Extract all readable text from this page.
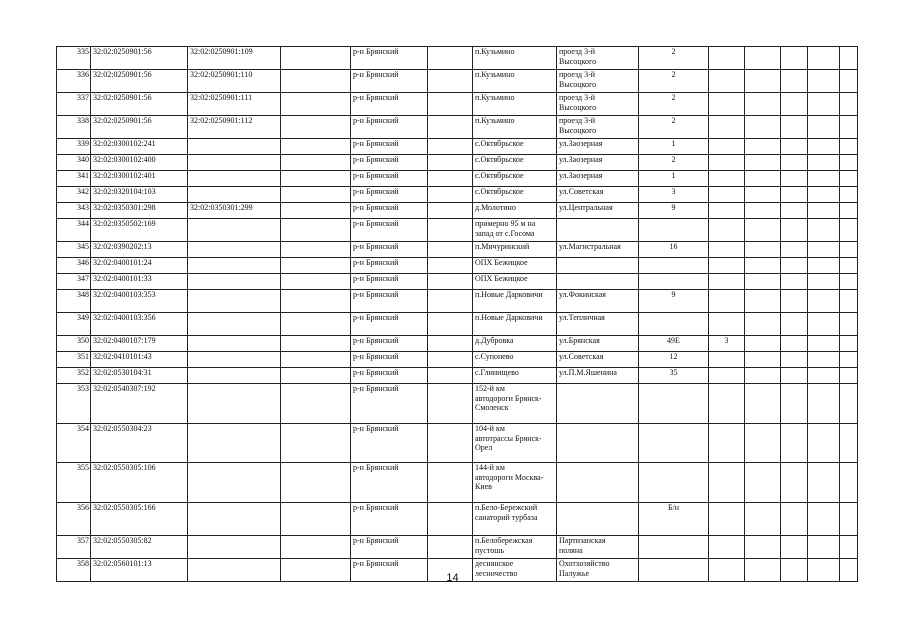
335	32:02:0250901:56	32:02:0250901:109		р-н Брянский		п.Кузьмино	проезд 3-й
Высоцкого	2					
336	32:02:0250901:56	32:02:0250901:110		р-н Брянский		п.Кузьмино	проезд 3-й
Высоцкого	2					
337	32:02:0250901:56	32:02:0250901:111		р-н Брянский		п.Кузьмино	проезд 3-й
Высоцкого	2					
338	32:02:0250901:56	32:02:0250901:112		р-н Брянский		п.Кузьмино	проезд 3-й
Высоцкого	2					
339	32:02:0300102:241			р-н Брянский		с.Октябрьское	ул.Заозерная	1					
340	32:02:0300102:400			р-н Брянский		с.Октябрьское	ул.Заозерная	2					
341	32:02:0300102:401			р-н Брянский		с.Октябрьское	ул.Заозерная	1					
342	32:02:0320104:103			р-н Брянский		с.Октябрьское	ул.Советская	3					
343	32:02:0350301:298	32:02:0350301:299		р-н Брянский		д.Молотино	ул.Центральная	9					
344	32:02:0350502:169			р-н Брянский		примерно 95 м на
запад от с.Госома							
345	32:02:0390202:13			р-н Брянский		п.Мичуринский	ул.Магистральная	16					
346	32:02:0400101:24			р-н Брянский		ОПХ Бежицкое							
347	32:02:0400101:33			р-н Брянский		ОПХ Бежицкое							
348	32:02:0400103:353			р-н Брянский		п.Новые Дарковичи	ул.Фокинская	9					
349	32:02:0400103:356			р-н Брянский		п.Новые Дарковичи	ул.Тепличная						
350	32:02:0400107:179			р-н Брянский		д.Дубровка	ул.Брянская	49Е	3				
351	32:02:0410101:43			р-н Брянский		с.Супонево	ул.Советская	12					
352	32:02:0530104:31			р-н Брянский		с.Глинищево	ул.П.М.Яшенина	35					
353	32:02:0540307:192			р-н Брянский		152-й км
автодороги Брянск-
Смоленск							
354	32:02:0550304:23			р-н Брянский		104-й км
автотрассы Брянск-
Орел							
355	32:02:0550305:106			р-н Брянский		144-й км
автодороги Москва-
Киев							
356	32:02:0550305:166			р-н Брянский		п.Бело-Бережский
санаторий турбаза		Б/н					
357	32:02:0550305:82			р-н Брянский		п.Белобережская
пустошь	Партизанская
поляна						
358	32:02:0560101:13			р-н Брянский		деснянское
лесничество	Охотхозяйство
Палужье						
14
